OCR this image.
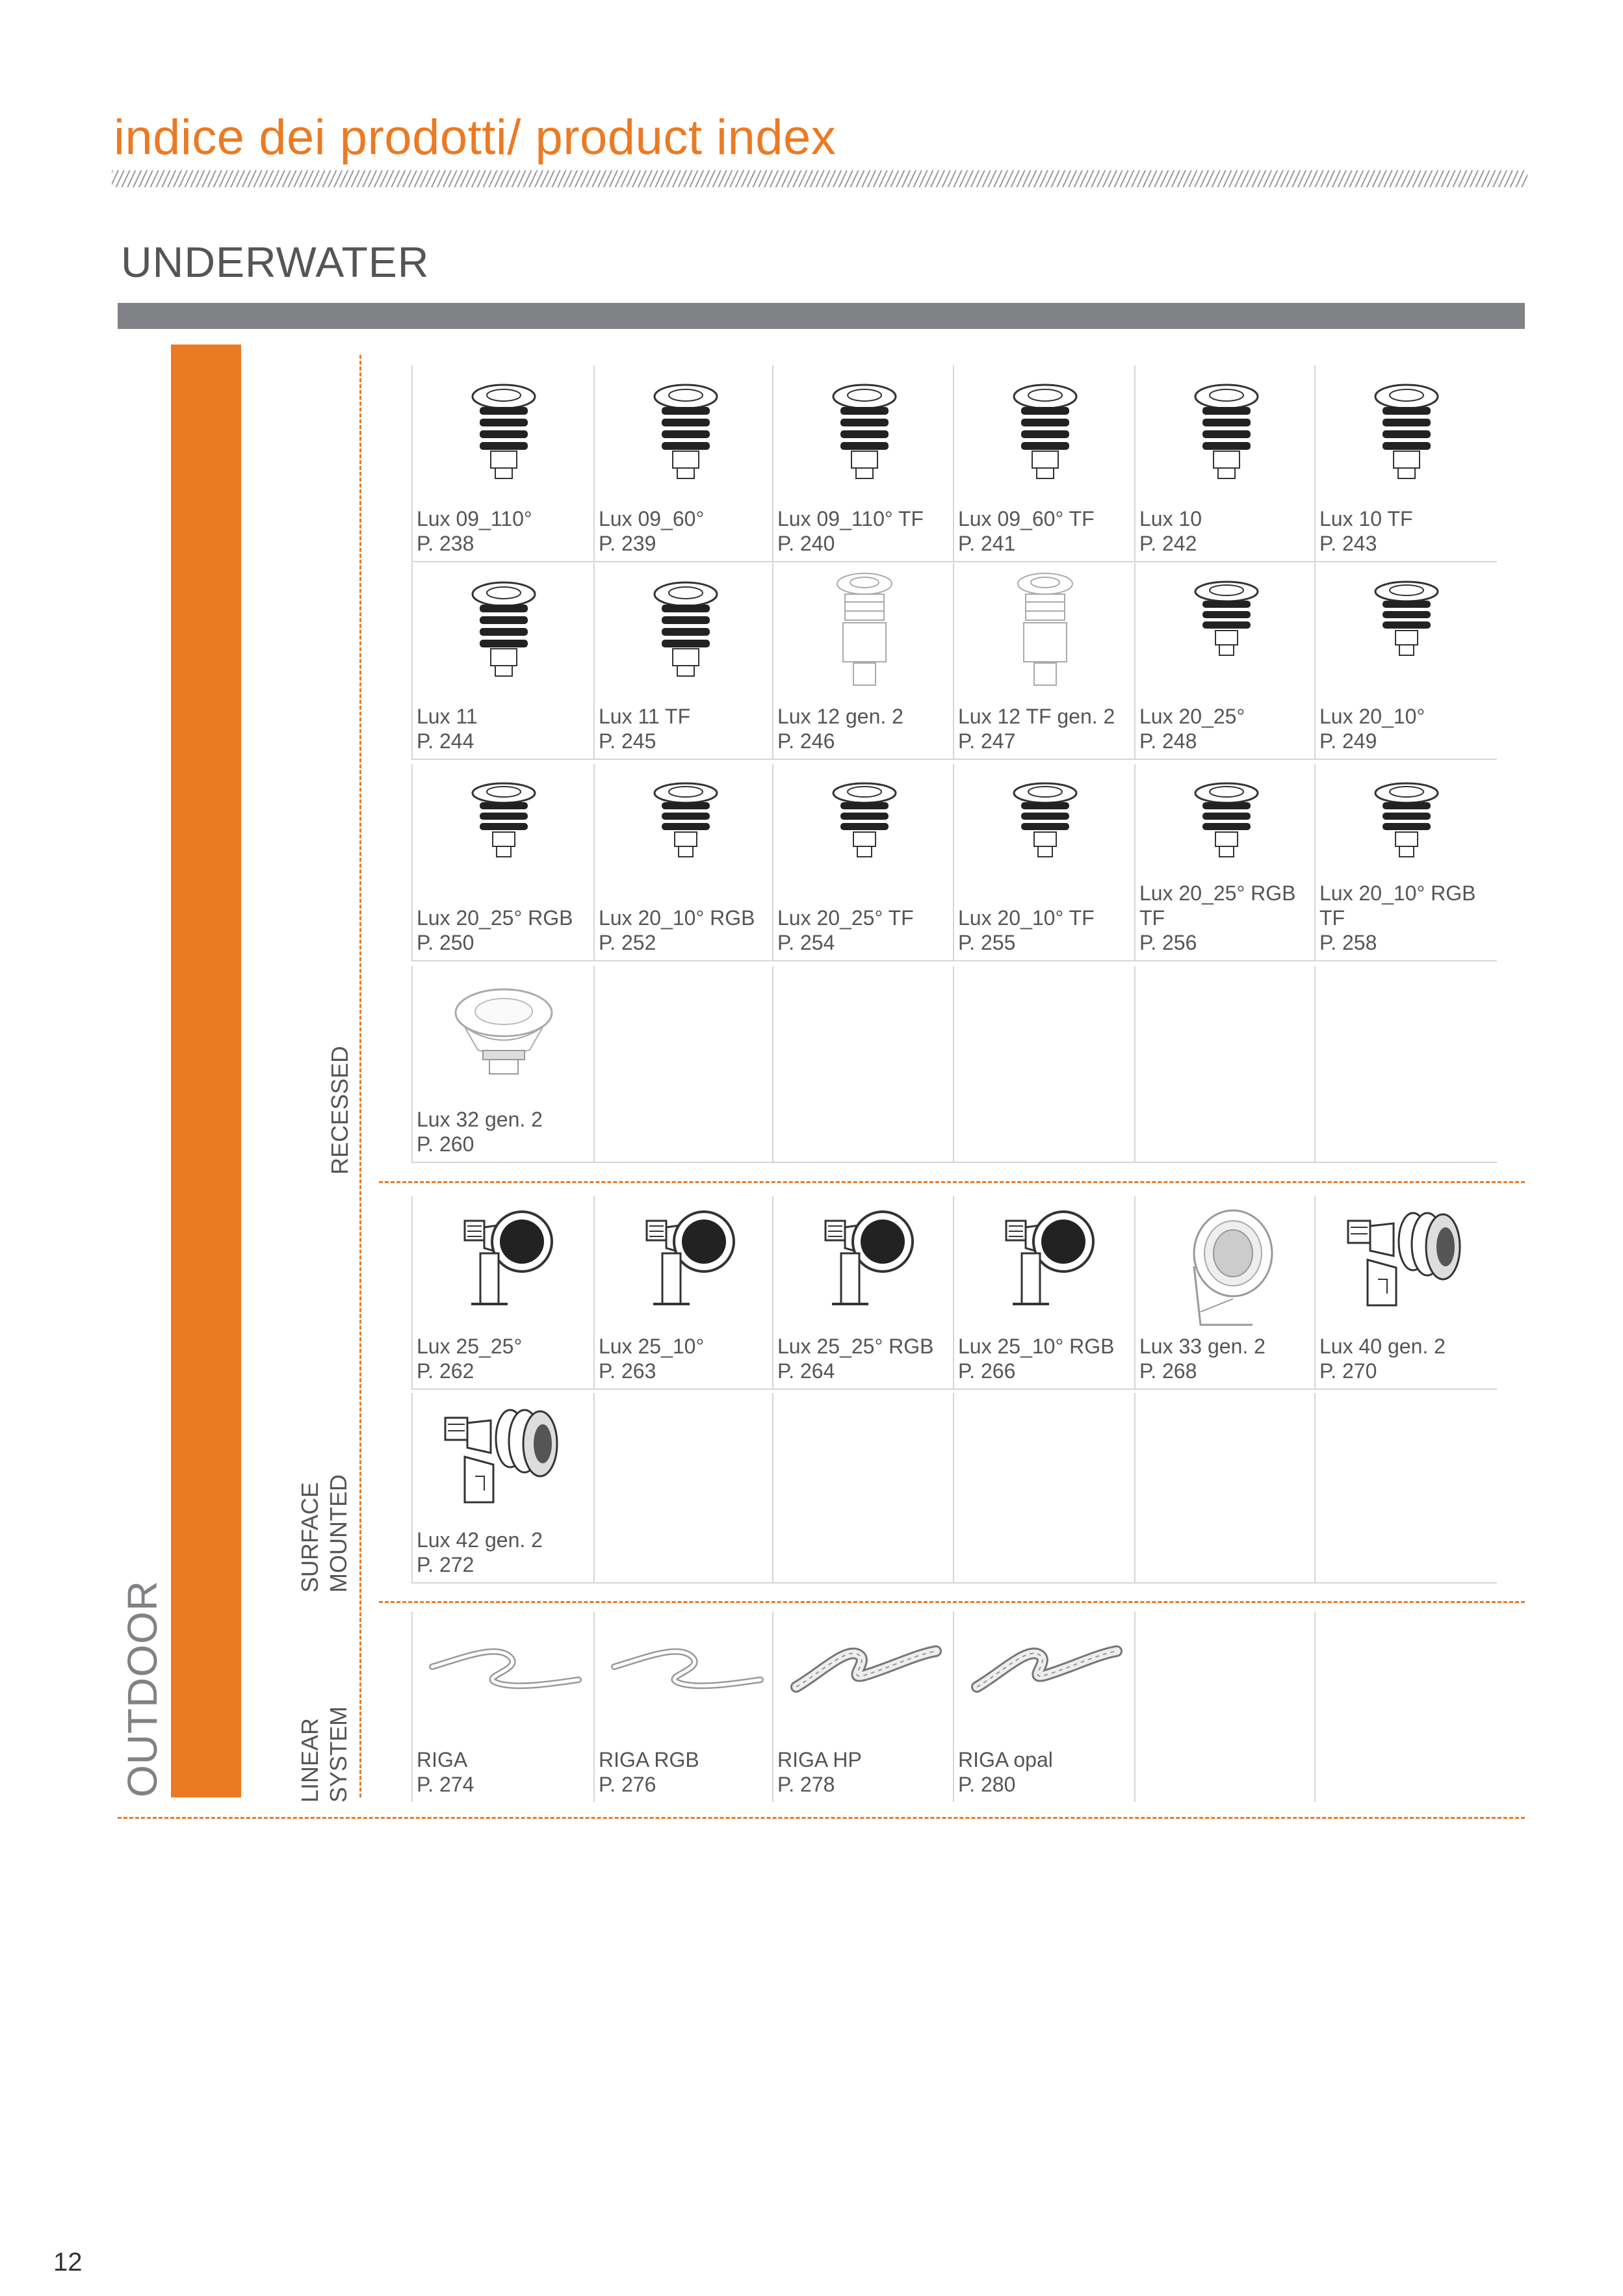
indice dei prodotti/ product index
UNDERWATER
OUTDOOR
RECESSED
SURFACE MOUNTED
LINEAR SYSTEM
Lux 09_110°
P. 238
Lux 09_60°
P. 239
Lux 09_110° TF
P. 240
Lux 09_60° TF
P. 241
Lux 10
P. 242
Lux 10 TF
P. 243
Lux 11
P. 244
Lux 11 TF
P. 245
Lux 12 gen. 2
P. 246
Lux 12 TF gen. 2
P. 247
Lux 20_25°
P. 248
Lux 20_10°
P. 249
Lux 20_25° RGB
P. 250
Lux 20_10° RGB
P. 252
Lux 20_25° TF
P. 254
Lux 20_10° TF
P. 255
Lux 20_25° RGB TF
P. 256
Lux 20_10° RGB TF
P. 258
Lux 32 gen. 2
P. 260
Lux 25_25°
P. 262
Lux 25_10°
P. 263
Lux 25_25° RGB
P. 264
Lux 25_10° RGB
P. 266
Lux 33 gen. 2
P. 268
Lux 40 gen. 2
P. 270
Lux 42 gen. 2
P. 272
RIGA
P. 274
RIGA RGB
P. 276
RIGA HP
P. 278
RIGA opal
P. 280
12
